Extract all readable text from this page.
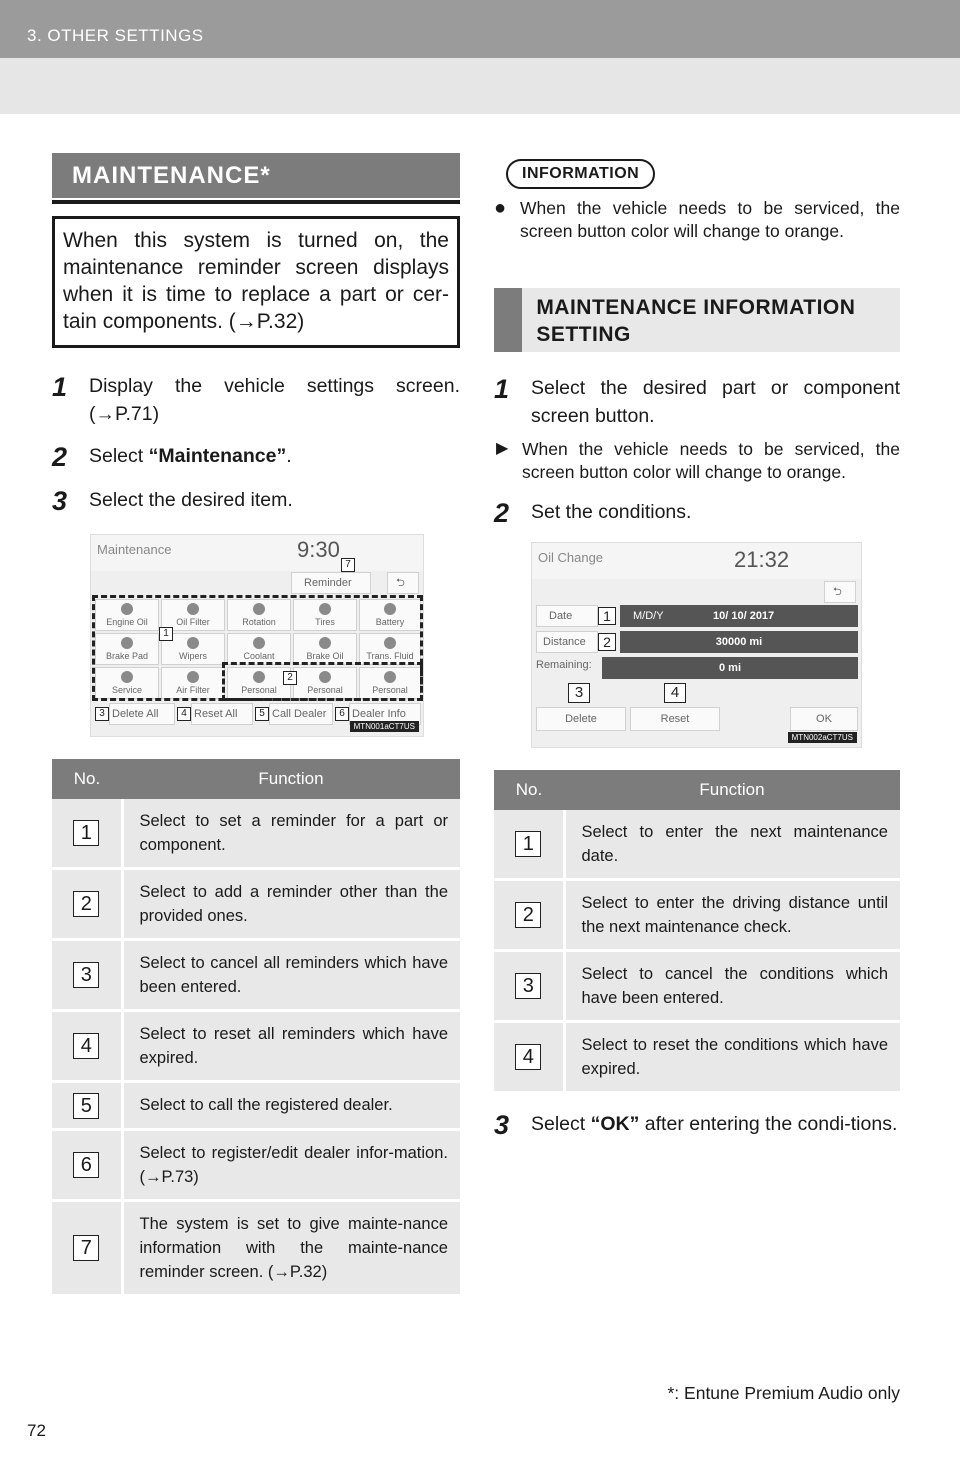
3. OTHER SETTINGS
MAINTENANCE*
When this system is turned on, the maintenance reminder screen displays when it is time to replace a part or cer-tain components. (→P.32)
1	Display the vehicle settings screen. (→P.71)
2	Select “Maintenance”.
3	Select the desired item.
Maintenance	9:30
7
Reminder	⮌
Engine Oil	Oil Filter	Rotation	Tires	Battery
Brake Pad	Wipers	Coolant	Brake Oil	Trans. Fluid
Service	Air Filter	Personal	Personal	Personal
1
2
3 Delete All	4 Reset All	5 Call Dealer	6 Dealer Info
MTN001aCT7US
No.	Function
1	Select to set a reminder for a part or component.
2	Select to add a reminder other than the provided ones.
3	Select to cancel all reminders which have been entered.
4	Select to reset all reminders which have expired.
5	Select to call the registered dealer.
6	Select to register/edit dealer infor-mation. (→P.73)
7	The system is set to give mainte-nance information with the mainte-nance reminder screen. (→P.32)
INFORMATION
● When the vehicle needs to be serviced, the screen button color will change to orange.
MAINTENANCE INFORMATION SETTING
1	Select the desired part or component screen button.
▶ When the vehicle needs to be serviced, the screen button color will change to orange.
2	Set the conditions.
Oil Change	21:32
⮌
Date	1	M/D/Y	10/ 10/ 2017
Distance	2	30000 mi
Remaining:	0 mi
3	4
Delete	Reset	OK
MTN002aCT7US
No.	Function
1	Select to enter the next maintenance date.
2	Select to enter the driving distance until the next maintenance check.
3	Select to cancel the conditions which have been entered.
4	Select to reset the conditions which have expired.
3	Select “OK” after entering the condi-tions.
*: Entune Premium Audio only
72
